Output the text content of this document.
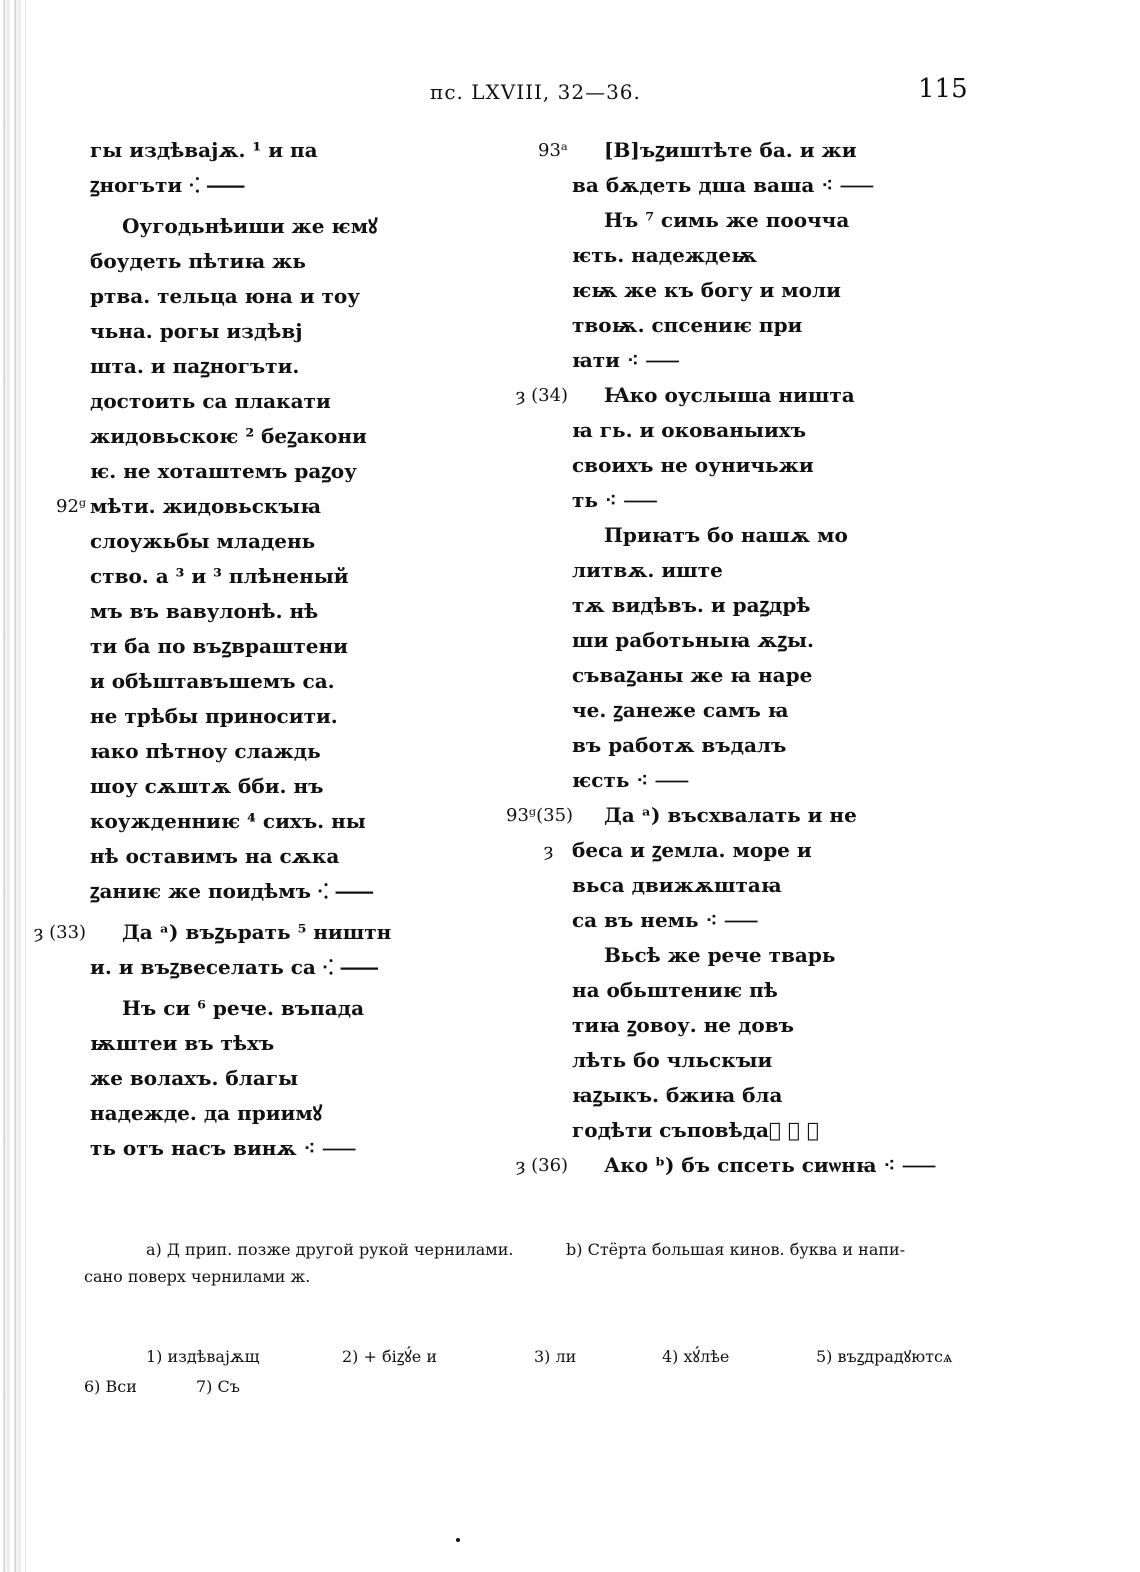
пс. LXVIII, 32—36.	115
гы издѣвајѫ. ¹ и па
ꙁногъти ⁖ ⸺
Оугодьнѣиши же ѥмꙋ
боудеть пѣтиꙗ жь
ртва. тельца юна и тоу
чьна. рогы издѣвј
шта. и паꙁногъти.
достоить са плакати
жидовьскоѥ ² беꙁакони
ѥ. не хоташтемъ раꙁоу
мѣти. жидовьскꙑꙗ
92ᵍ
слоужьбы младень
ство. а ³ и ³ плѣненый
мъ въ вавулонѣ. нѣ
ти ба по въꙁвраштени
и обѣштавъшемъ са.
не трѣбы приносити.
ꙗко пѣтноу слаждь
шоу сѫштѫ бби. нъ
коужденниѥ ⁴ сихъ. ны
нѣ оставимъ на сѫка
ꙁаниѥ же поидѣмъ ⁖ ⸺
Да ᵃ) въꙁьрать ⁵ ништн
ȝ (33)
и. и въꙁвеселать са ⁖ ⸺
Нъ си ⁶ рече. въпада
ѭштеи въ тѣхъ
же волахъ. благы
надежде. да приимꙋ
ть отъ насъ винѫ ⁖ ⸺
[В]ъꙁиштѣте ба. и жи
93ᵃ
ва бѫдеть дша ваша ⁖ ⸺
Нъ ⁷ симь же поочча
ѥть. надеждеѭ
ѥѭ же къ богу и моли
твоѭ. спсениѥ при
ꙗти ⁖ ⸺
Ꙗко оуслыша ништа
ȝ (34)
ꙗ гь. и окованыихъ
своихъ не оуничьжи
ть ⁖ ⸺
Приꙗтъ бо нашѫ мо
литвѫ. иште
тѫ видѣвъ. и раꙁдрѣ
ши работьныꙗ ѫꙁы.
съваꙁаны же ꙗ наре
че. ꙁанеже самъ ꙗ
въ работѫ въдалъ
ѥсть ⁖ ⸺
Да ᵃ) въсхвалать и не
93ᵍ(35)
беса и ꙁемла. море и
ȝ
вьса движѫштаꙗ
са въ немь ⁖ ⸺
Вьсѣ же рече тварь
на обьштениѥ пѣ
тиꙗ ꙁовоу. не довъ
лѣть бо чльскꙑи
ꙗꙁыкъ. бжиꙗ бла
годѣти съповѣдаⷮ ⁖ ⸺
Ако ᵇ) бъ спсеть сиѡнꙗ ⁖ ⸺
ȝ (36)
a) Д прип. позже другой рукой чернилами.	b) Стёрта большая кинов. буква и напи-
сано поверх чернилами ж.
1) издѣвајѫщ	2) + бiꙁꙋ́е и	3) ли	4) хꙋ́лѣе	5) въꙁдрадꙋютсѧ
6) Вси	7) Съ
